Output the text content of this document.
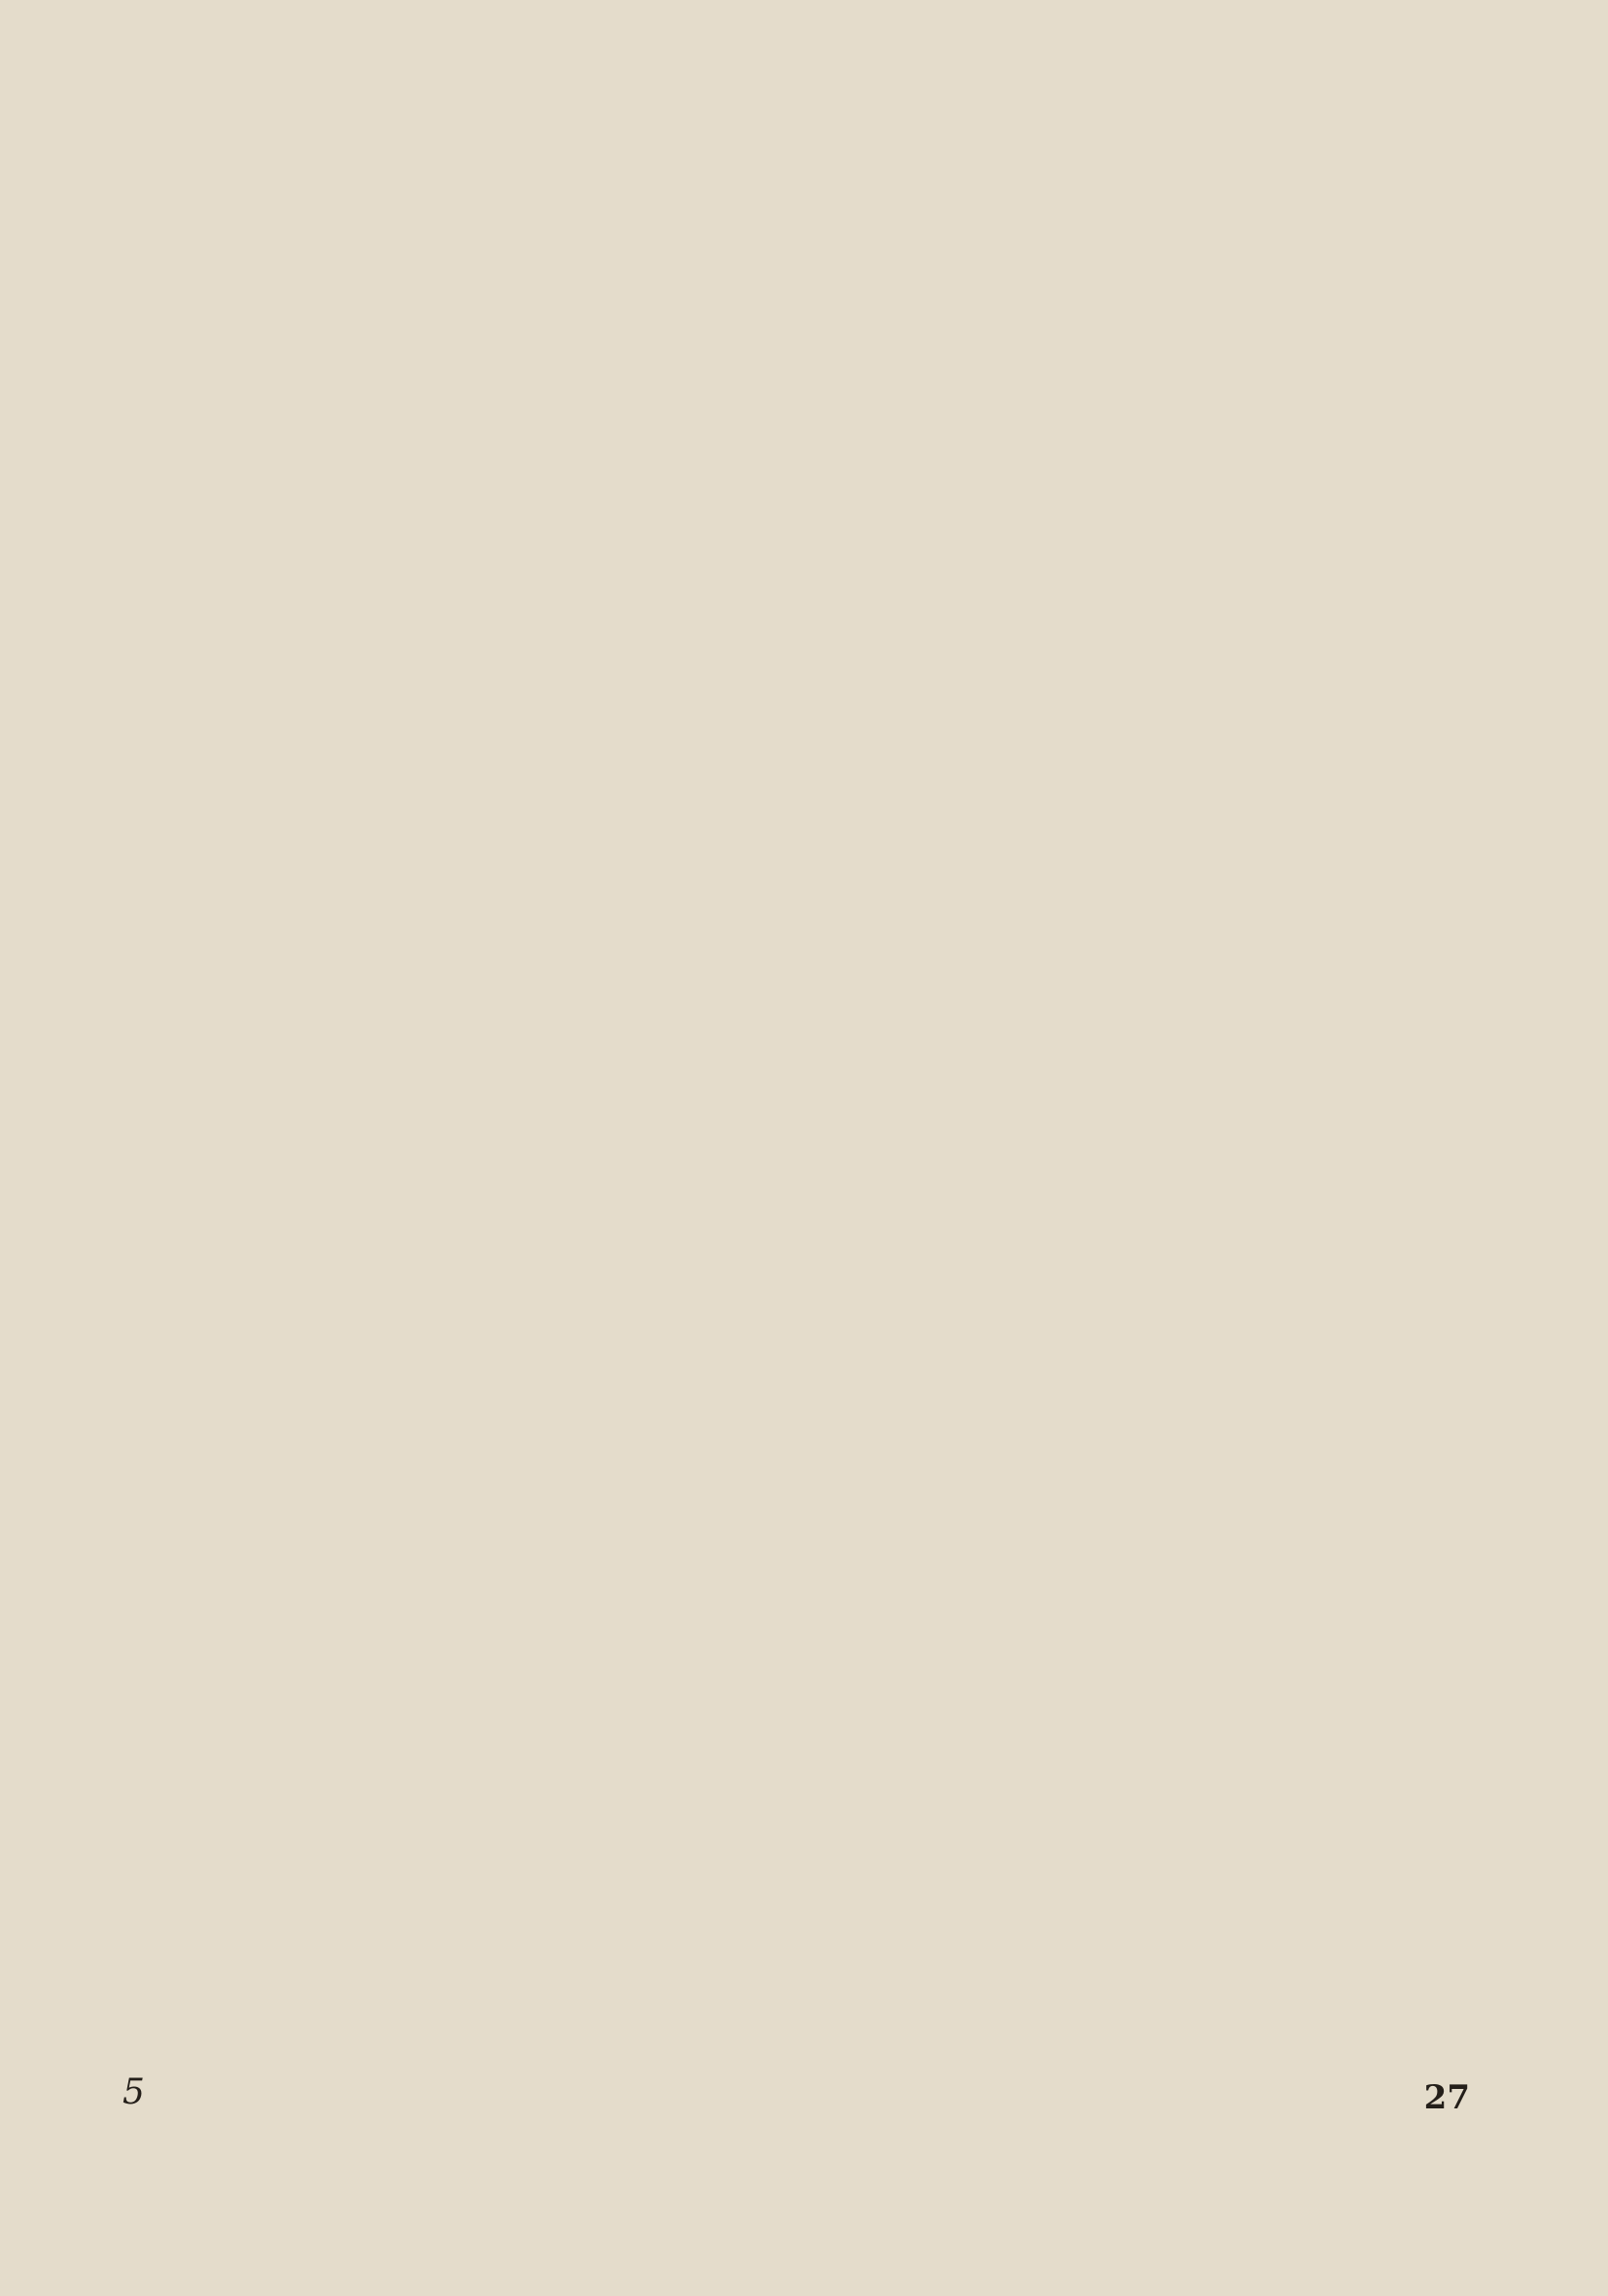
5	27
